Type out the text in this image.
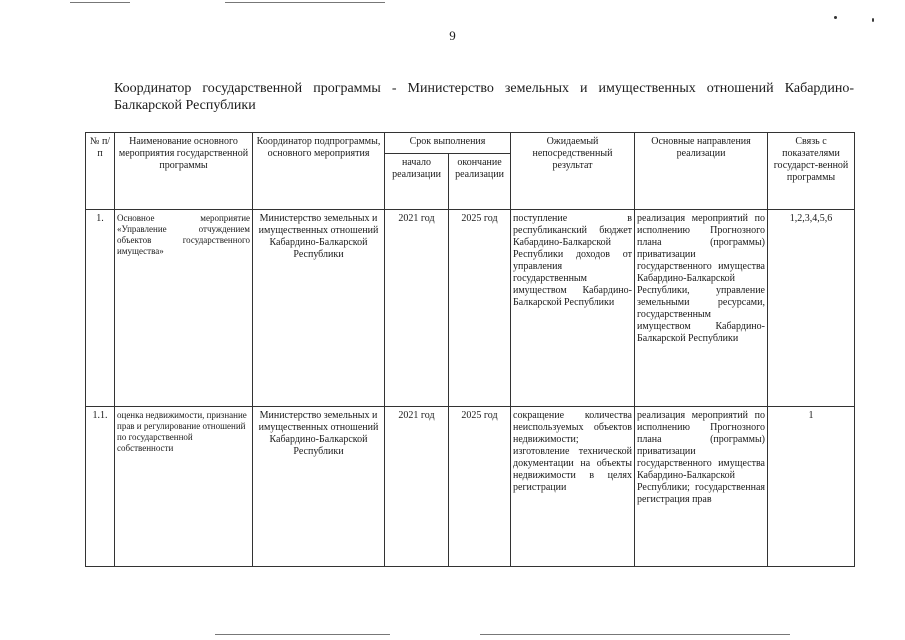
9
Координатор государственной программы - Министерство земельных и имущественных отношений Кабардино-Балкарской Республики
№ п/п	Наименование основного мероприятия государственной программы	Координатор подпрограммы, основного мероприятия	Срок выполнения		Ожидаемый непосредственный результат	Основные направления реализации	Связь с показателями государст-венной программы
			начало реализации	окончание реализации			
1.	Основное мероприятие «Управление отчуждением объектов государственного имущества»	Министерство земельных и имущественных отношений Кабардино-Балкарской Республики	2021 год	2025 год	поступление в республиканский бюджет Кабардино-Балкарской Республики доходов от управления государственным имуществом Кабардино-Балкарской Республики	реализация мероприятий по исполнению Прогнозного плана (программы) приватизации государственного имущества Кабардино-Балкарской Республики, управление земельными ресурсами, государственным имуществом Кабардино-Балкарской Республики	1,2,3,4,5,6
1.1.	оценка недвижимости, признание прав и регулирование отношений по государственной собственности	Министерство земельных и имущественных отношений Кабардино-Балкарской Республики	2021 год	2025 год	сокращение количества неиспользуемых объектов недвижимости; изготовление технической документации на объекты недвижимости в целях регистрации	реализация мероприятий по исполнению Прогнозного плана (программы) приватизации государственного имущества Кабардино-Балкарской Республики; государственная регистрация прав	1
